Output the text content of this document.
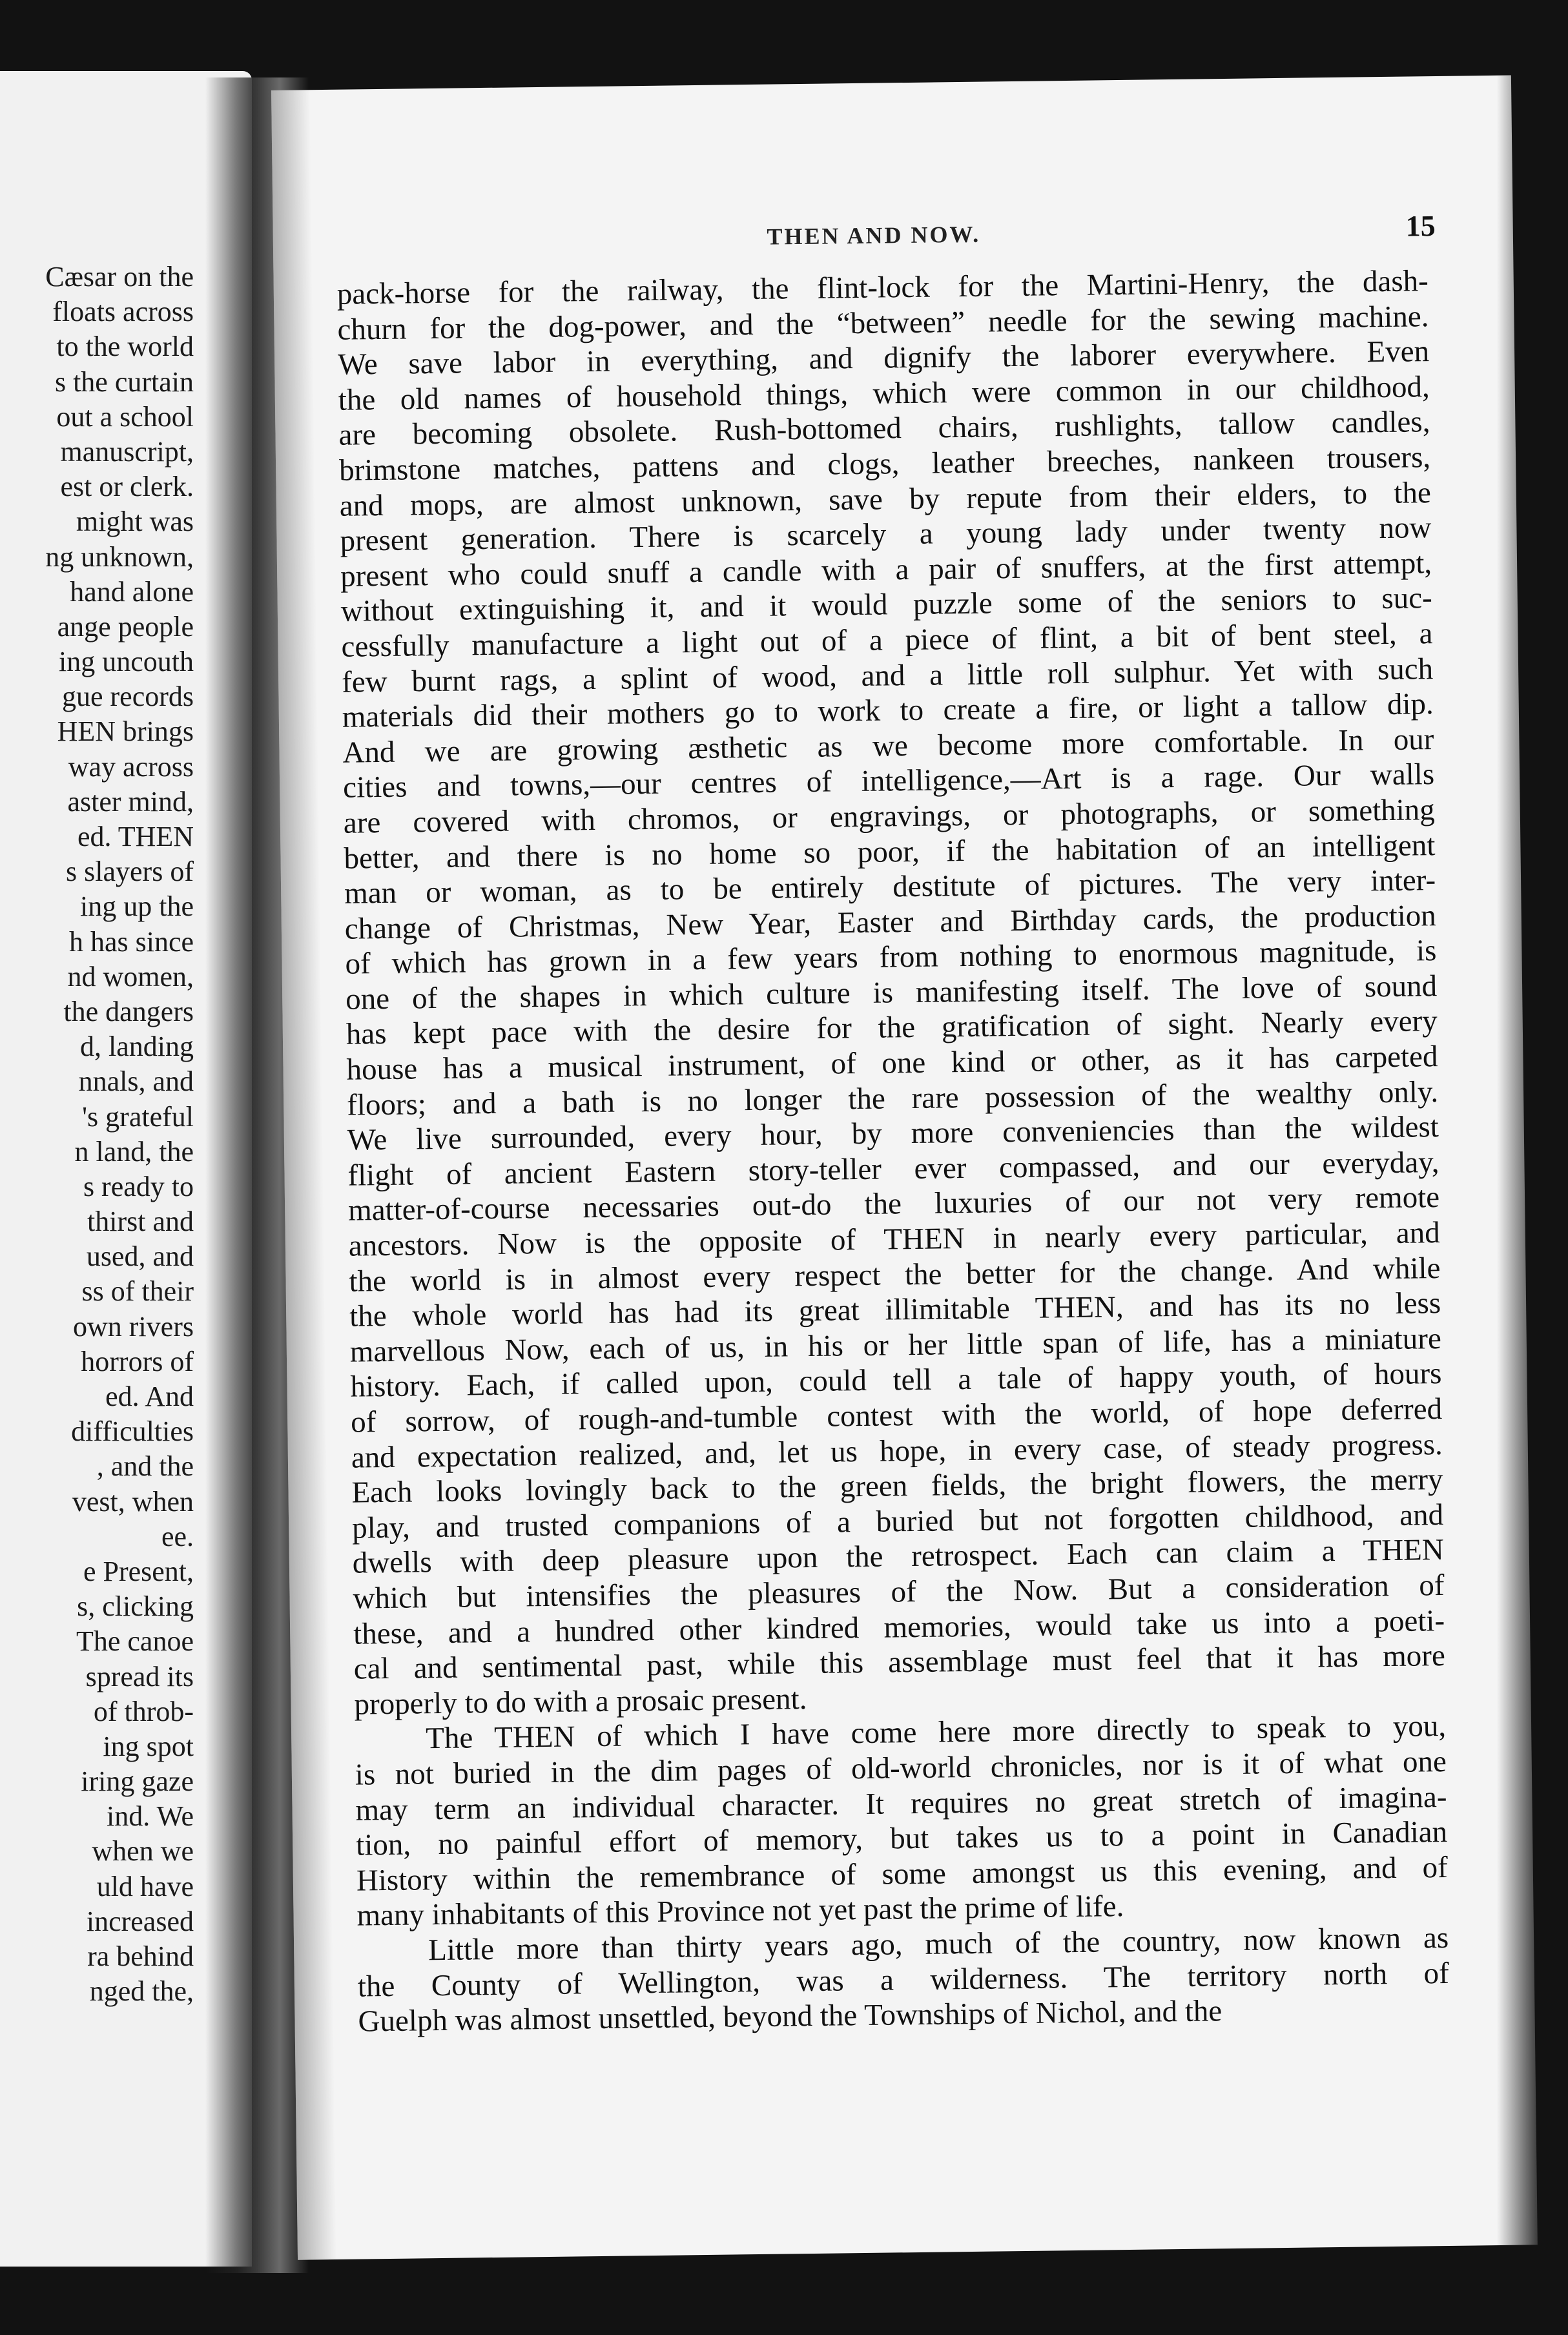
Cæsar on the
floats across
to the world
s the curtain
out a school
manuscript,
est or clerk.
might was
ng unknown,
hand alone
ange people
ing uncouth
gue records
HEN brings
way across
aster mind,
ed. THEN
s slayers of
ing up the
h has since
nd women,
the dangers
d, landing
nnals, and
's grateful
n land, the
s ready to
thirst and
used, and
ss of their
own rivers
horrors of
ed. And
difficulties
, and the
vest, when
ee.
e Present,
s, clicking
The canoe
spread its
of throb-
ing spot
iring gaze
ind. We
when we
uld have
increased
ra behind
nged the,
THEN AND NOW.	15
pack-horse for the railway, the flint-lock for the Martini-Henry, the dash-
churn for the dog-power, and the “between” needle for the sewing machine.
We save labor in everything, and dignify the laborer everywhere. Even
the old names of household things, which were common in our childhood,
are becoming obsolete. Rush-bottomed chairs, rushlights, tallow candles,
brimstone matches, pattens and clogs, leather breeches, nankeen trousers,
and mops, are almost unknown, save by repute from their elders, to the
present generation. There is scarcely a young lady under twenty now
present who could snuff a candle with a pair of snuffers, at the first attempt,
without extinguishing it, and it would puzzle some of the seniors to suc-
cessfully manufacture a light out of a piece of flint, a bit of bent steel, a
few burnt rags, a splint of wood, and a little roll sulphur. Yet with such
materials did their mothers go to work to create a fire, or light a tallow dip.
And we are growing æsthetic as we become more comfortable. In our
cities and towns,—our centres of intelligence,—Art is a rage. Our walls
are covered with chromos, or engravings, or photographs, or something
better, and there is no home so poor, if the habitation of an intelligent
man or woman, as to be entirely destitute of pictures. The very inter-
change of Christmas, New Year, Easter and Birthday cards, the production
of which has grown in a few years from nothing to enormous magnitude, is
one of the shapes in which culture is manifesting itself. The love of sound
has kept pace with the desire for the gratification of sight. Nearly every
house has a musical instrument, of one kind or other, as it has carpeted
floors; and a bath is no longer the rare possession of the wealthy only.
We live surrounded, every hour, by more conveniencies than the wildest
flight of ancient Eastern story-teller ever compassed, and our everyday,
matter-of-course necessaries out-do the luxuries of our not very remote
ancestors. Now is the opposite of THEN in nearly every particular, and
the world is in almost every respect the better for the change. And while
the whole world has had its great illimitable THEN, and has its no less
marvellous Now, each of us, in his or her little span of life, has a miniature
history. Each, if called upon, could tell a tale of happy youth, of hours
of sorrow, of rough-and-tumble contest with the world, of hope deferred
and expectation realized, and, let us hope, in every case, of steady progress.
Each looks lovingly back to the green fields, the bright flowers, the merry
play, and trusted companions of a buried but not forgotten childhood, and
dwells with deep pleasure upon the retrospect. Each can claim a THEN
which but intensifies the pleasures of the Now. But a consideration of
these, and a hundred other kindred memories, would take us into a poeti-
cal and sentimental past, while this assemblage must feel that it has more
properly to do with a prosaic present.
The THEN of which I have come here more directly to speak to you,
is not buried in the dim pages of old-world chronicles, nor is it of what one
may term an individual character. It requires no great stretch of imagina-
tion, no painful effort of memory, but takes us to a point in Canadian
History within the remembrance of some amongst us this evening, and of
many inhabitants of this Province not yet past the prime of life.
Little more than thirty years ago, much of the country, now known as
the County of Wellington, was a wilderness. The territory north of
Guelph was almost unsettled, beyond the Townships of Nichol, and the
